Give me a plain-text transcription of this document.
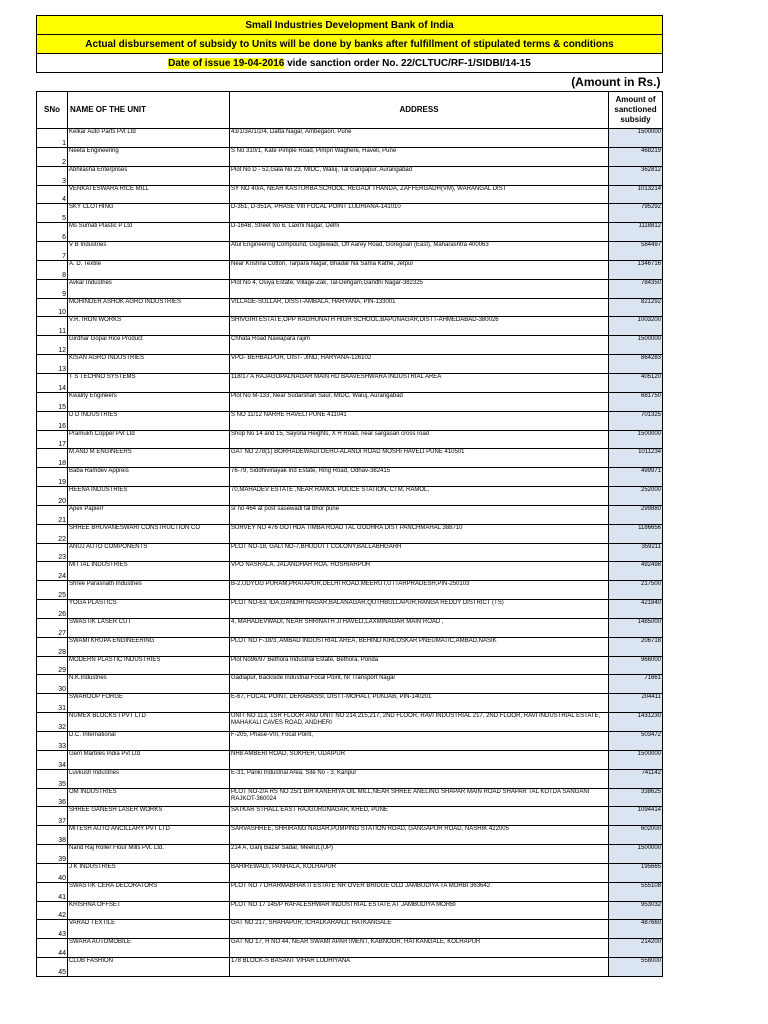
Small Industries Development Bank of India			
Actual disbursement of subsidy to Units will be done by banks after fulfillment of stipulated terms & conditions			
Date of issue 19-04-2016 vide sanction order No. 22/CLTUC/RF-1/SIDBI/14-15			
(Amount in Rs.)			
SNo	NAME OF THE UNIT	ADDRESS	Amount of sanctioned subsidy
1	Kelkar Auto Parts Pvt Ltd	43/1/3A/1/2/4, Datta Nagar, Ambegaon, Pune	1500000
2	Neeta Engineering	S No 310/1, Kate Pimple Road, Pimpri Waghere, Haveli, Pune	468219
3	Abhilasha Enterprises	Plot No D - 52,Gala No 23, MIDC, Waluj, Tal Gangapur, Aurangabad	362812
4	VENKATESWARA RICE MILL	SY NO 40/A, NEAR KASTURBA SCHOOL, REGADI THANDA, ZAFFERGADH(VM), WARANGAL DIST	1013214
5	SKY CLOTHING	D-351, D-351A, PHASE VIII FOCAL POINT LUDHIANA-141010	795292
6	Ms Sumati Plastic P Ltd	D-164B, Street No 6, Laxmi Nagar, Delhi	1118812
7	V B Industries	Atul Engineering Compound, Gogtewadi, Off Aarey Road, Goregoan (East), Maharashtra 400063	584497
8	A. D. Textile	Near Krishna Cotton, Tarpara Nagar, Bhadar Na Sama Kathe, Jetpur	1346716
9	Avkar Industries	Plot No 4, Osiya Estate, Village-Zak, Tal-Dehgam,Gandhi Nagar-382325	784350
10	MOHINDER ASHOK AGRO INDUSTRIES	VILLAGE-SULLAR, DISST-AMBALA, HARYANA, PIN-133001	821292
11	V.R. IRON WORKS	SHIVGIRI ESTATE,OPP RAGHUNATH HIGH SCHOOL,BAPUNAGAR,DISTT-AHMEDABAD-380026	1003200
12	Girdhar Gopal Rice Product	Chhata Road Nawapara rajim	1500000
13	KISAN AGRO INDUSTRIES	VPO- BEHBALPUR, DIST- JIND, HARYANA-126102	864283
14	T S TECHNO SYSTEMS	118/17 A RAJAGOPALNAGAR MAIN RD BAAVESHWARA INDUSTRIAL AREA	405120
15	Kwality Engineers	Plot No M-133, Near Sudarshan Saur, MIDC, Waluj, Aurangabad	681750
16	D D INDUSTRIES	S NO 11/12 NARHE HAVELI PUNE 411041	701325
17	Pramukh Copper Pvt Ltd	Shop No 14 and 15, Sayona Heights, X H Road, near sargasan cross road	1500000
18	M AND M ENGINEERS	GAT NO 278(1) BORHADEWADI DEHU-ALANDI ROAD MOSHI HAVELI PUNE 410501	1011234
19	Baba Ramdev Appreis	76-79, Siddhivinayak Ind Estate, Ring Road, Odhav-382415	499971
20	HEENA INDUSTRIES	70,MAHADEV ESTATE ,NEAR RAMOL POLICE STATION, CTM, RAMOL,	252000
21	Apex Papierr	sr no 464 at post sasewadi tal bhor pune	299880
22	SHREE BHUVANESWARI CONSTRUCTION CO	SURVEY NO 476 GOTHDA TIMBA ROAD TAL GODHRA DIST PANCHMAHAL 388710	1186656
23	ANUJ AUTO COMPONENTS	PLOT NO-18, GALI NO-7,BHUDUTT COLONY,BALLABHGARH	359211
24	MITTAL INDUSTRIES	VPO NASRALA, JALANDHAR ROA, HOSHIARPUR	492498
25	Shree Parasnath Industries	B-2,UDYOG PURAM,PRATAPUR,DELHI ROAD,MEERUT,UTTARPRADESH,PIN-250103	217500
26	YOGA PLASTICS	PLOT NO-63, IDA,GANDHI NAGAR,BALANAGAR,QUTHBULLAPUR,RANGA REDDY DISTRICT (TS)	421840
27	SWASTIK LASER CUT	4, MAHADEVWADI, NEAR SHRINATH JI HAVELI,LAXMINAGAR MAIN ROAD ,	1485000
28	SWAMI KRUPA ENGINEERING	PLOT NO F-18/3, AMBAD INDUSTRIAL AREA, BEHIND KIRLOSKAR PNEUMATIC,AMBAD,NASIK	206718
29	MODERN PLASTIC INDUSTRIES	Plot No96/97 Bethora Industrial Estate, Bethora, Ponda	966000
30	N.K.Industries	Gadiapur, Backside Industrial Focal Point, Nr Transport Nagar	71661
31	SWAROOP FORGE	E-67, FOCAL POINT, DERABASSI, DISTT-MOHALI, PUNJAB, PIN-140201	204411
32	NUMEX BLOCKS I PVT LTD	UNIT NO 113, 1SR FLOOR AND UNIT NO 214,215,217, 2ND FLOOR, RAVI INDUSTRIAL 217, 2ND FLOOR, RAVI INDUSTRIAL ESTATE, MAHAKALI CAVES ROAD, ANDHERI	1431230
33	D.C. International	F-205, Phase-VIII, Focal Point,	503472
34	Gem Marbles India Pvt Ltd	NH8 AMBERI ROAD, SUKHER, UDAIPUR	1500000
35	Luvkush Industries	E-31, Panki Industrial Area, Site No - 3, Kanpur	741142
36	OM INDUSTRIES	PLOT NO-2/A RS NO 25/1 B/H KANERIYA OIL MILL,NEAR SHREE ANELING SHAPAR MAIN ROAD SHAPAR TAL KOTDA SANGANI RAJKOT-360024	338625
37	SHREE GANESH LASER WORKS	SATKAR STHALL EAST RAJGURUNAGAR, KHED, PUNE	1094414
38	MITESH AUTO ANCILLARY PVT LTD	SARVASHREE, SHRIRANG NAGAR,PUMPING STATION ROAD, GANGAPUR ROAD, NASHIK 422005	602000
39	Nand Raj Roller Flour Mills Pvt. Ltd.	214 A, Ganj Bazar Sadar, Meerut,(UP)	1500000
40	J K INDUSTRIES	BAHIREWADI, PANHALA, KOLHAPUR	195665
41	SWASTIK CERA DECORATORS	PLOT NO 7 DHARMABHAKTI ESTATE NR OVER BRIDGE OLD JAMBUDIYA TA MORBI 363642	555108
42	KRISHNA OFFSET	PLOT NO 17 145/P RAFALESHWAR INDUSTRIAL ESTATE AT JAMBUDIYA MORBI	953032
43	VARAD TEXTILE	GAT NO 217, SHAHAPUR, ICHALKARANJI, HATKANGALE	487660
44	SWARA AUTOMOBILE	GAT NO 17, H NO 44, NEAR SWAMI APARTMENT, KABNOOR, HATKANGALE, KOLHAPUR	214200
45	CLUB FASHION	178 BLOCK-S BASANT VIHAR LUDHIYANA	558000
